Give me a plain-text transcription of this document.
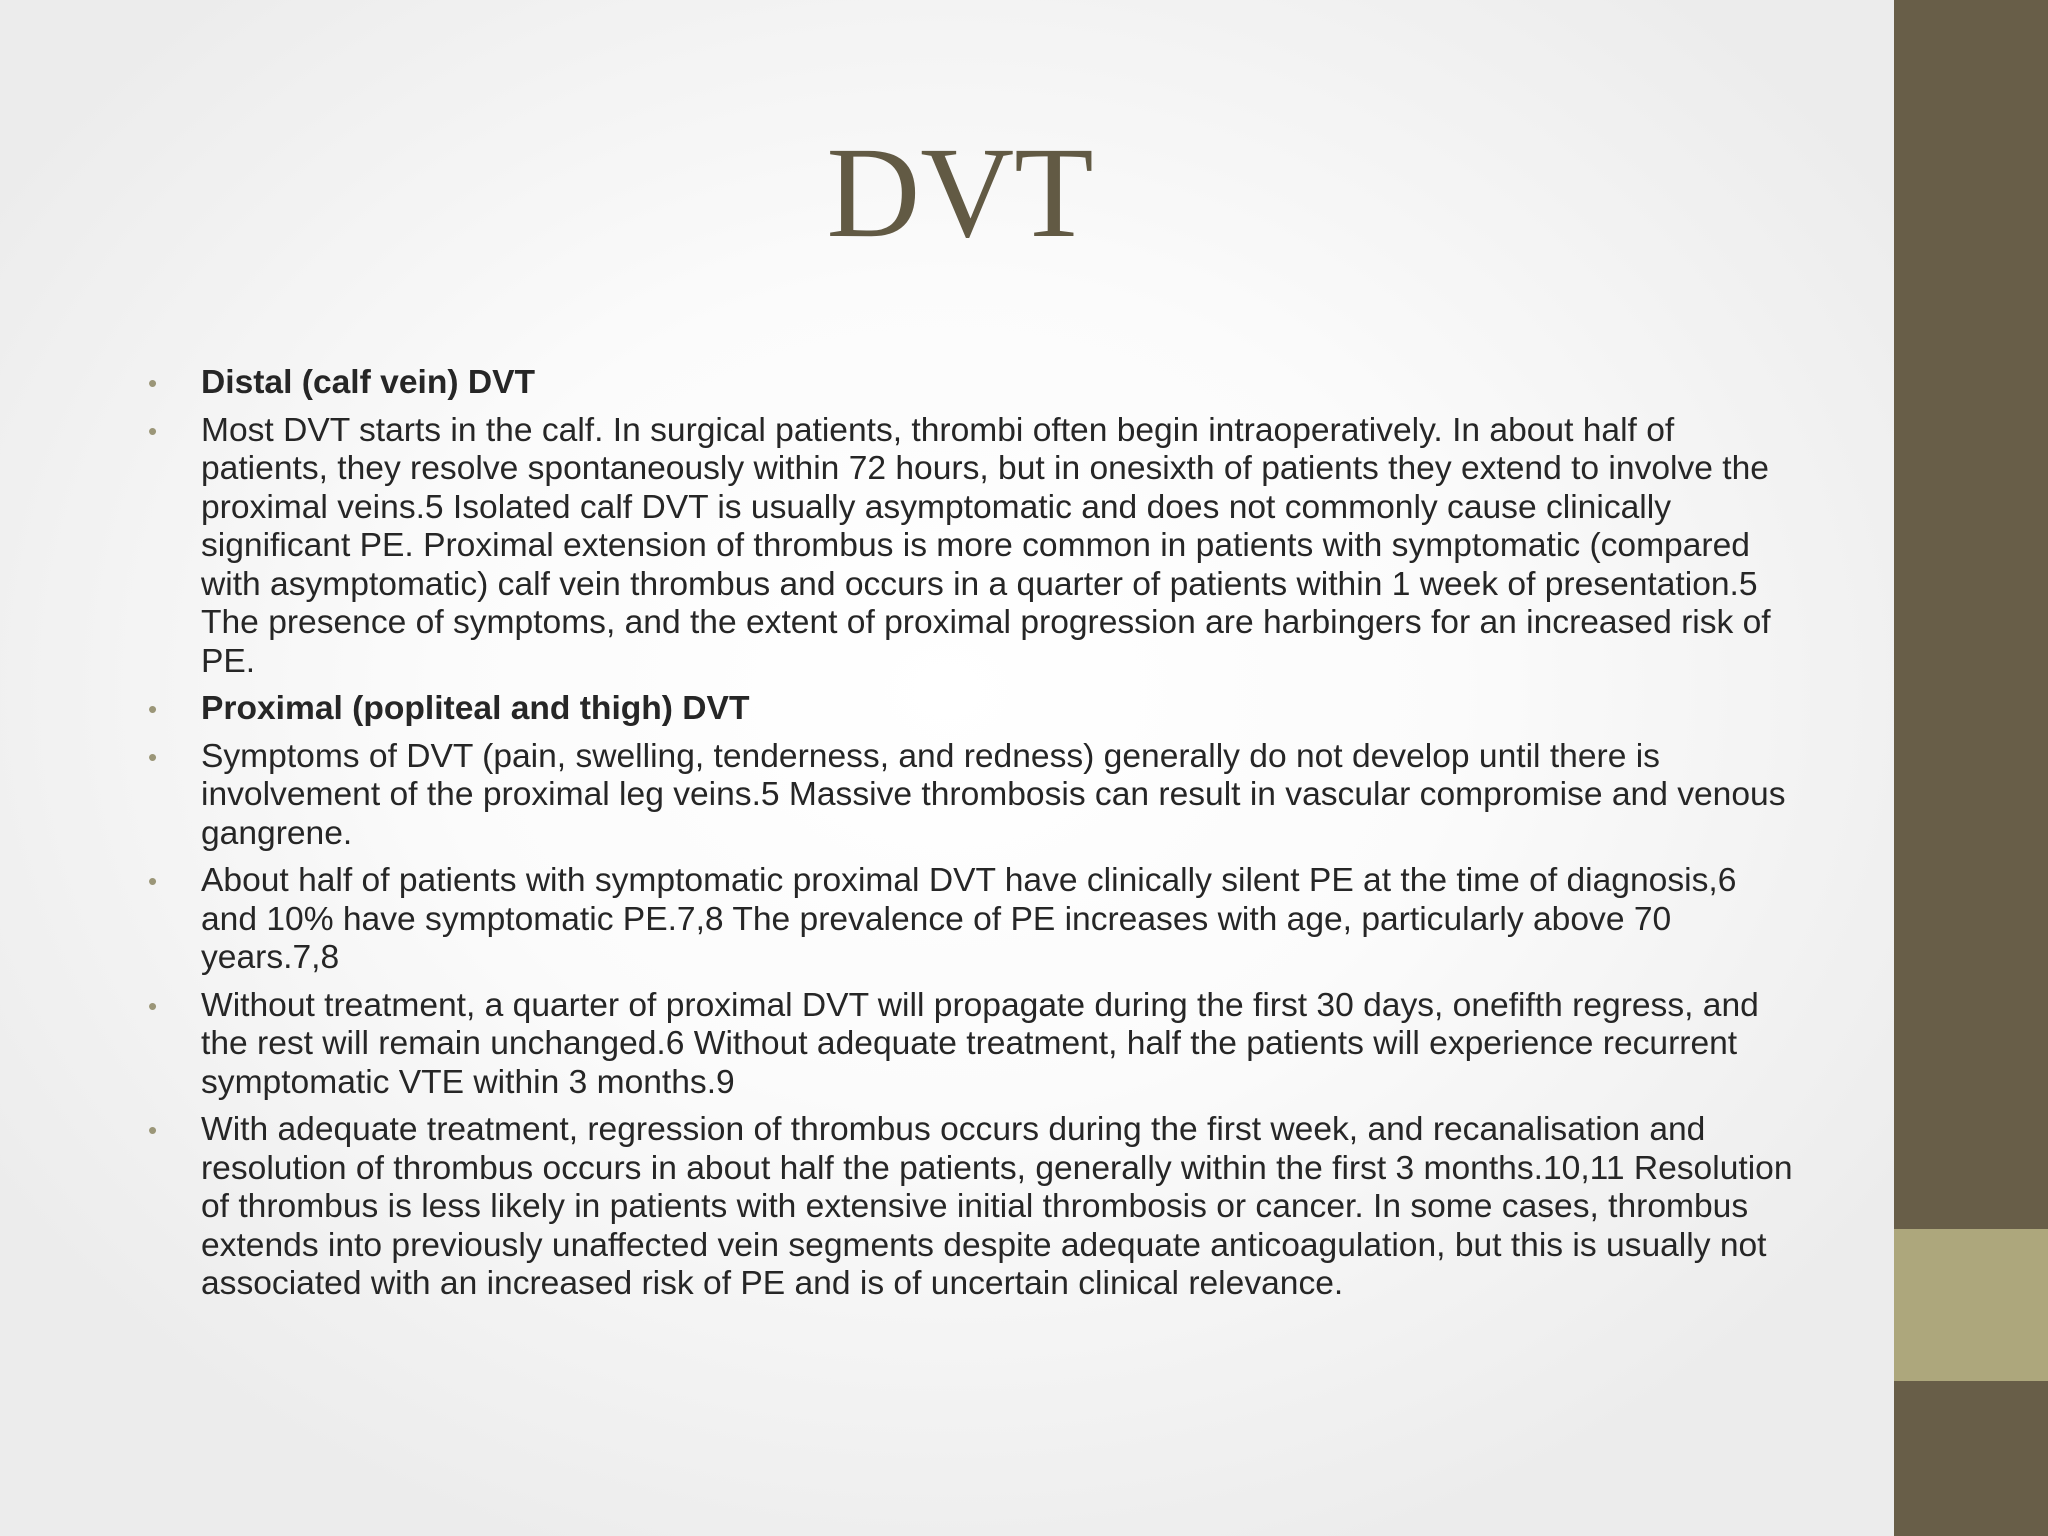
DVT
•	Distal (calf vein) DVT
•	Most DVT starts in the calf. In surgical patients, thrombi often begin intraoperatively. In about half of patients, they resolve spontaneously within 72 hours, but in onesixth of patients they extend to involve the proximal veins.5 Isolated calf DVT is usually asymptomatic and does not commonly cause clinically significant PE. Proximal extension of thrombus is more common in patients with symptomatic (compared with asymptomatic) calf vein thrombus and occurs in a quarter of patients within 1 week of presentation.5 The presence of symptoms, and the extent of proximal progression are harbingers for an increased risk of PE.
•	Proximal (popliteal and thigh) DVT
•	Symptoms of DVT (pain, swelling, tenderness, and redness) generally do not develop until there is involvement of the proximal leg veins.5 Massive thrombosis can result in vascular compromise and venous gangrene.
•	About half of patients with symptomatic proximal DVT have clinically silent PE at the time of diagnosis,6 and 10% have symptomatic PE.7,8 The prevalence of PE increases with age, particularly above 70 years.7,8
•	Without treatment, a quarter of proximal DVT will propagate during the first 30 days, onefifth regress, and the rest will remain unchanged.6 Without adequate treatment, half the patients will experience recurrent symptomatic VTE within 3 months.9
•	With adequate treatment, regression of thrombus occurs during the first week, and recanalisation and resolution of thrombus occurs in about half the patients, generally within the first 3 months.10,11 Resolution of thrombus is less likely in patients with extensive initial thrombosis or cancer. In some cases, thrombus extends into previously unaffected vein segments despite adequate anticoagulation, but this is usually not associated with an increased risk of PE and is of uncertain clinical relevance.
